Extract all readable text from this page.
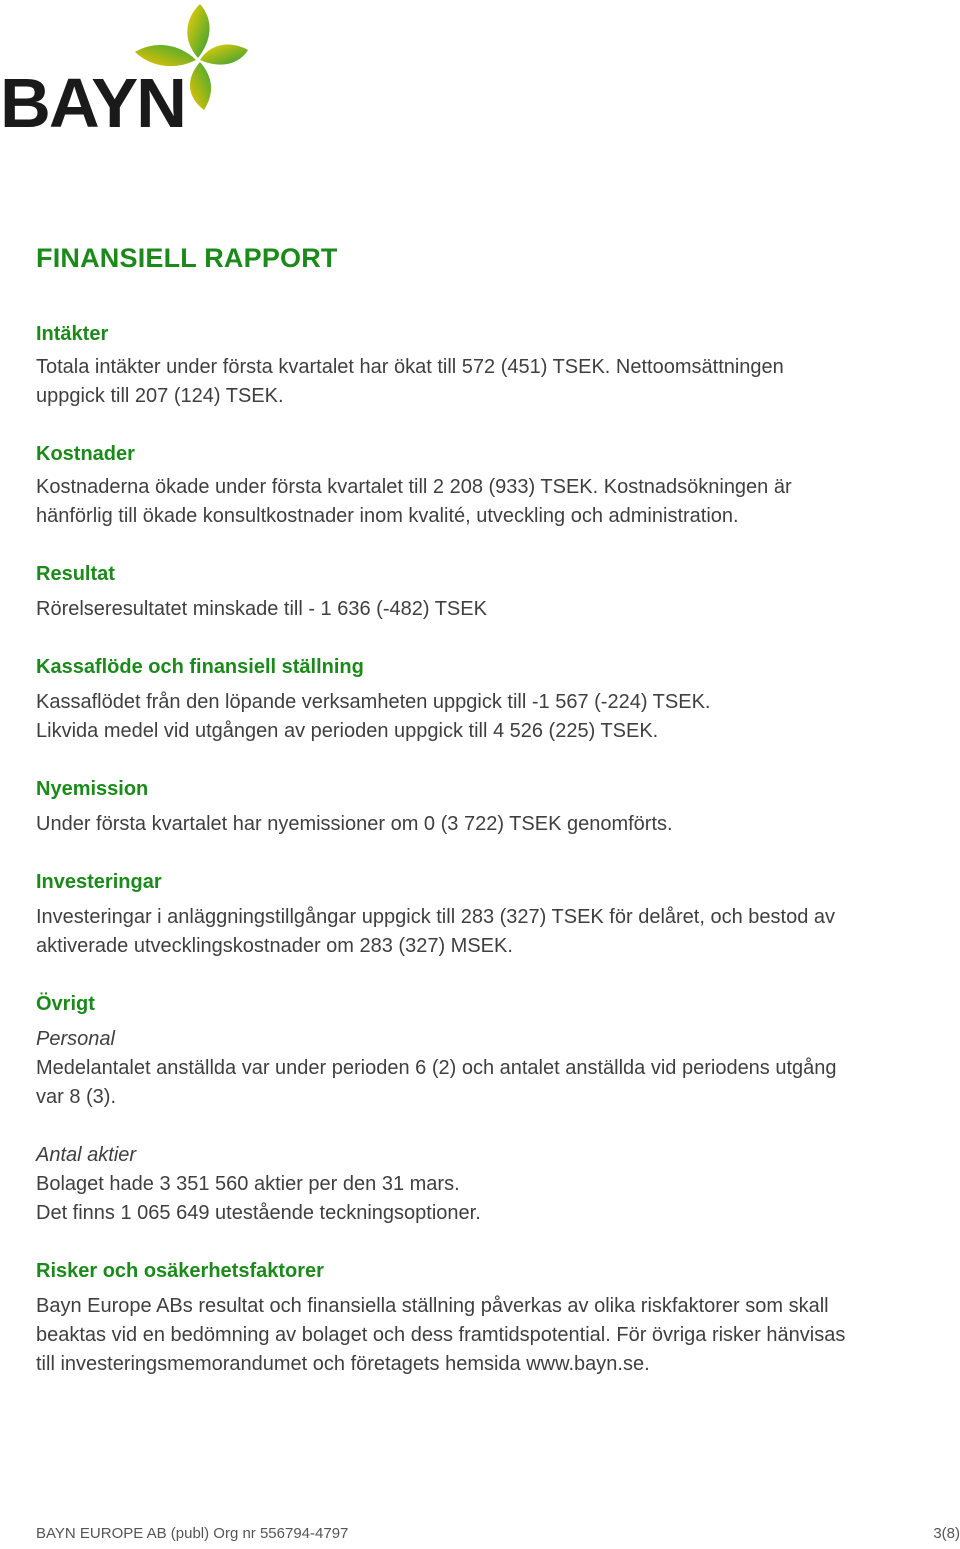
BAYN
FINANSIELL RAPPORT
Intäkter

Totala intäkter under första kvartalet har ökat till 572 (451) TSEK. Nettoomsättningen

uppgick till 207 (124) TSEK.

Kostnader

Kostnaderna ökade under första kvartalet till 2 208 (933) TSEK. Kostnadsökningen är

hänförlig till ökade konsultkostnader inom kvalité, utveckling och administration.

Resultat

Rörelseresultatet minskade till - 1 636 (-482) TSEK

Kassaflöde och finansiell ställning

Kassaflödet från den löpande verksamheten uppgick till -1 567 (-224) TSEK.

Likvida medel vid utgången av perioden uppgick till 4 526 (225) TSEK.

Nyemission

Under första kvartalet har nyemissioner om 0 (3 722) TSEK genomförts.

Investeringar

Investeringar i anläggningstillgångar uppgick till 283 (327) TSEK för delåret, och bestod av

aktiverade utvecklingskostnader om 283 (327) MSEK.

Övrigt

Personal

Medelantalet anställda var under perioden 6 (2) och antalet anställda vid periodens utgång

var 8 (3).

Antal aktier

Bolaget hade 3 351 560 aktier per den 31 mars.

Det finns 1 065 649 utestående teckningsoptioner.

Risker och osäkerhetsfaktorer

Bayn Europe ABs resultat och finansiella ställning påverkas av olika riskfaktorer som skall

beaktas vid en bedömning av bolaget och dess framtidspotential. För övriga risker hänvisas

till investeringsmemorandumet och företagets hemsida www.bayn.se.

BAYN EUROPE AB (publ) Org nr 556794-4797	3(8)
